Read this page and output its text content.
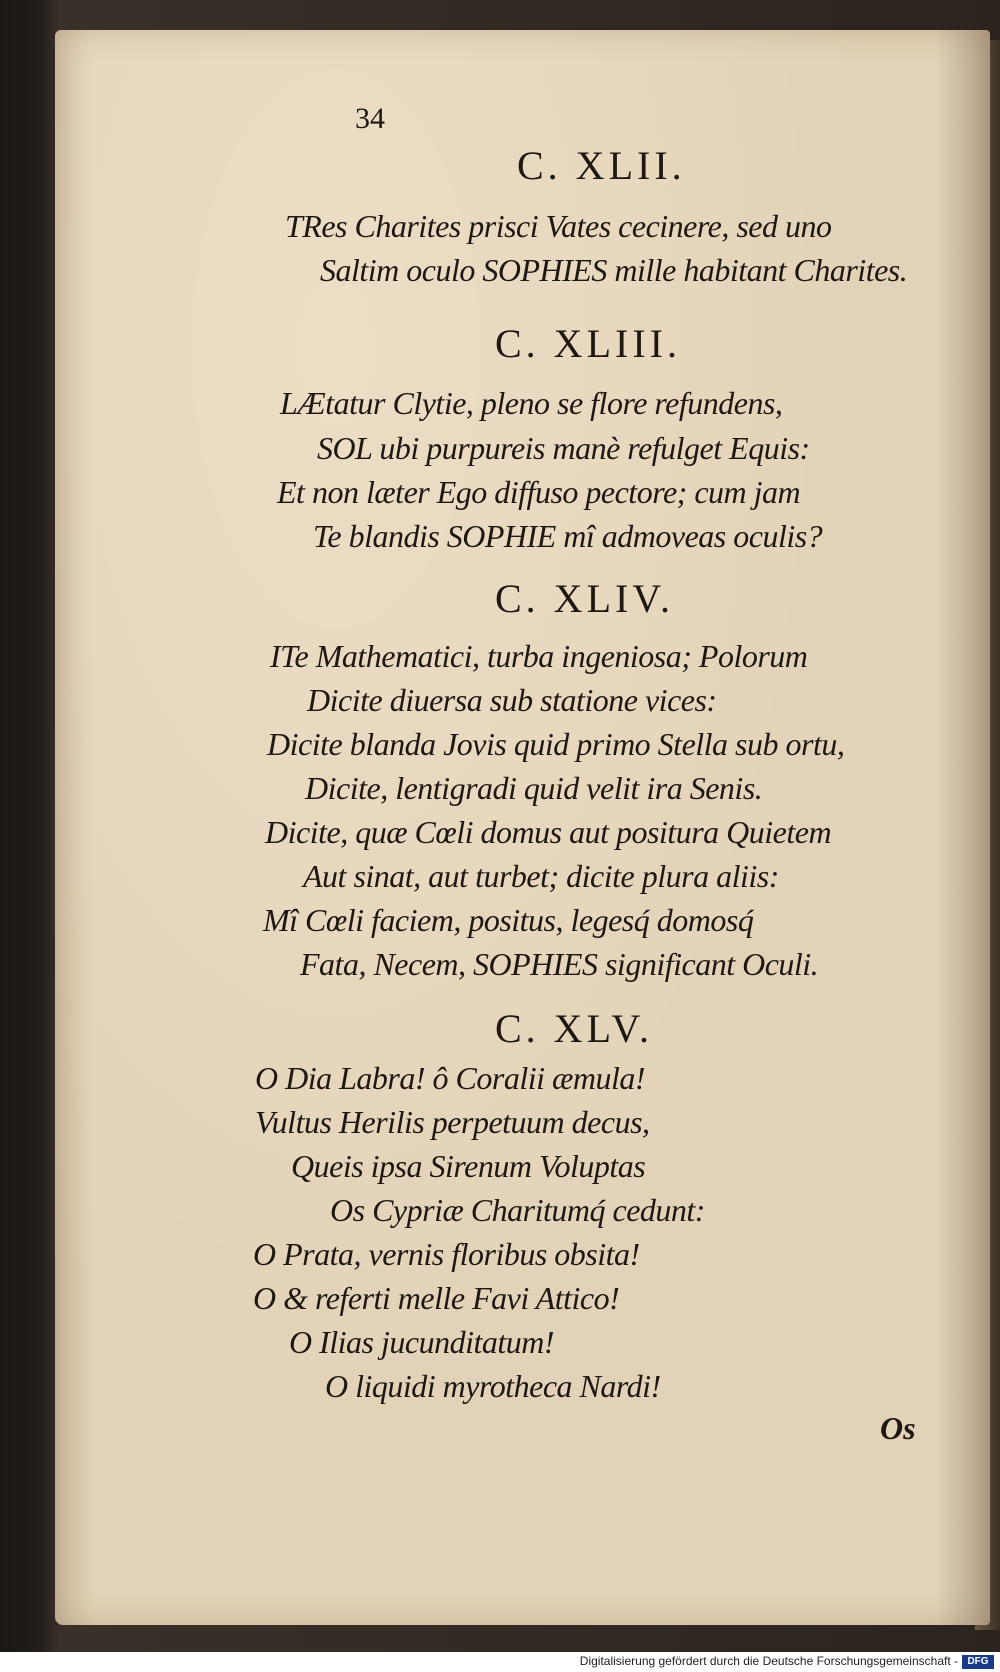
34
C. XLII.
TRes Charites prisci Vates cecinere, sed uno
Saltim oculo SOPHIES mille habitant Charites.
C. XLIII.
LÆtatur Clytie, pleno se flore refundens,
SOL ubi purpureis manè refulget Equis:
Et non læter Ego diffuso pectore; cum jam
Te blandis SOPHIE mî admoveas oculis?
C. XLIV.
ITe Mathematici, turba ingeniosa; Polorum
Dicite diuersa sub statione vices:
Dicite blanda Jovis quid primo Stella sub ortu,
Dicite, lentigradi quid velit ira Senis.
Dicite, quæ Cœli domus aut positura Quietem
Aut sinat, aut turbet; dicite plura aliis:
Mî Cœli faciem, positus, legesq́ domosq́
Fata, Necem, SOPHIES significant Oculi.
C. XLV.
O Dia Labra! ô Coralii æmula!
Vultus Herilis perpetuum decus,
Queis ipsa Sirenum Voluptas
Os Cypriæ Charitumq́ cedunt:
O Prata, vernis floribus obsita!
O & referti melle Favi Attico!
O Ilias jucunditatum!
O liquidi myrotheca Nardi!
Os
Digitalisierung gefördert durch die Deutsche Forschungsgemeinschaft - DFG
